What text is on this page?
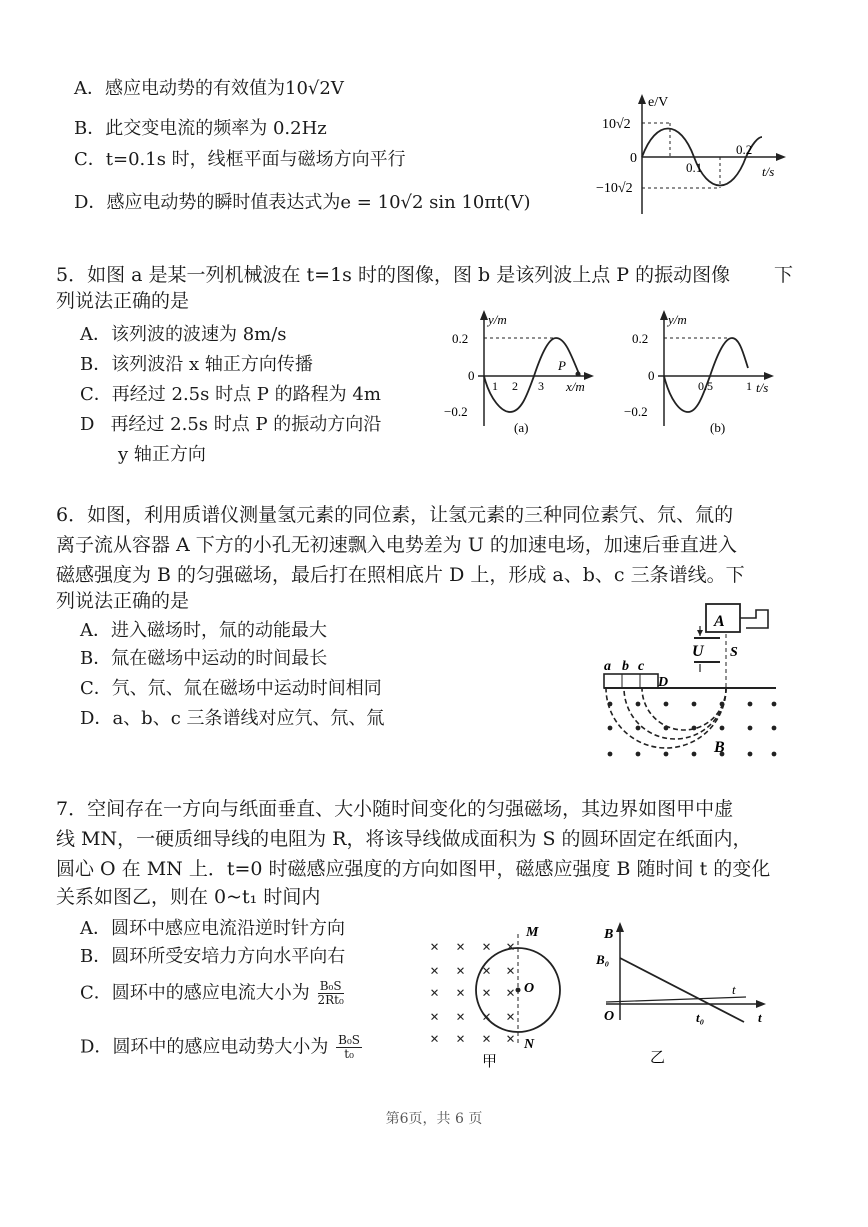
A．感应电动势的有效值为10√2V
B．此交变电流的频率为 0.2Hz
C．t=0.1s 时，线框平面与磁场方向平行
D．感应电动势的瞬时值表达式为e = 10√2 sin 10πt(V)
e/V
t/s
10√2
−10√2
0
0.1
0.2
5．如图 a 是某一列机械波在 t=1s 时的图像，图 b 是该列波上点 P 的振动图像 下
列说法正确的是
A．该列波的波速为 8m/s
B．该列波沿 x 轴正方向传播
C．再经过 2.5s 时点 P 的路程为 4m
D 再经过 2.5s 时点 P 的振动方向沿
y 轴正方向
y/m
x/m
0.2
−0.2
0
1 2 3
P
(a)
y/m
t/s
0.2
−0.2
0
0.5	1
(b)
6．如图，利用质谱仪测量氢元素的同位素，让氢元素的三种同位素氕、氘、氚的
离子流从容器 A 下方的小孔无初速飘入电势差为 U 的加速电场，加速后垂直进入
磁感强度为 B 的匀强磁场，最后打在照相底片 D 上，形成 a、b、c 三条谱线。下
列说法正确的是
A．进入磁场时，氚的动能最大
B．氚在磁场中运动的时间最长
C．氕、氘、氚在磁场中运动时间相同
D．a、b、c 三条谱线对应氕、氘、氚
A
U S
a b c
D
B
7．空间存在一方向与纸面垂直、大小随时间变化的匀强磁场，其边界如图甲中虚
线 MN，一硬质细导线的电阻为 R，将该导线做成面积为 S 的圆环固定在纸面内，
圆心 O 在 MN 上．t=0 时磁感应强度的方向如图甲，磁感应强度 B 随时间 t 的变化
关系如图乙，则在 0~t₁ 时间内
A．圆环中感应电流沿逆时针方向
B．圆环所受安培力方向水平向右
C．圆环中的感应电流大小为 $\frac{\text{B₀S}}{\text{2Rt₀}}$
D．圆环中的感应电动势大小为 $\frac{\text{B₀S}}{\text{t₀}}$
× × × ×
× × × ×
× × × ×
× × × ×
× × × ×
M
O
N
甲
B
B₀
O	t₀
t
t
乙
第6页，共 6 页
